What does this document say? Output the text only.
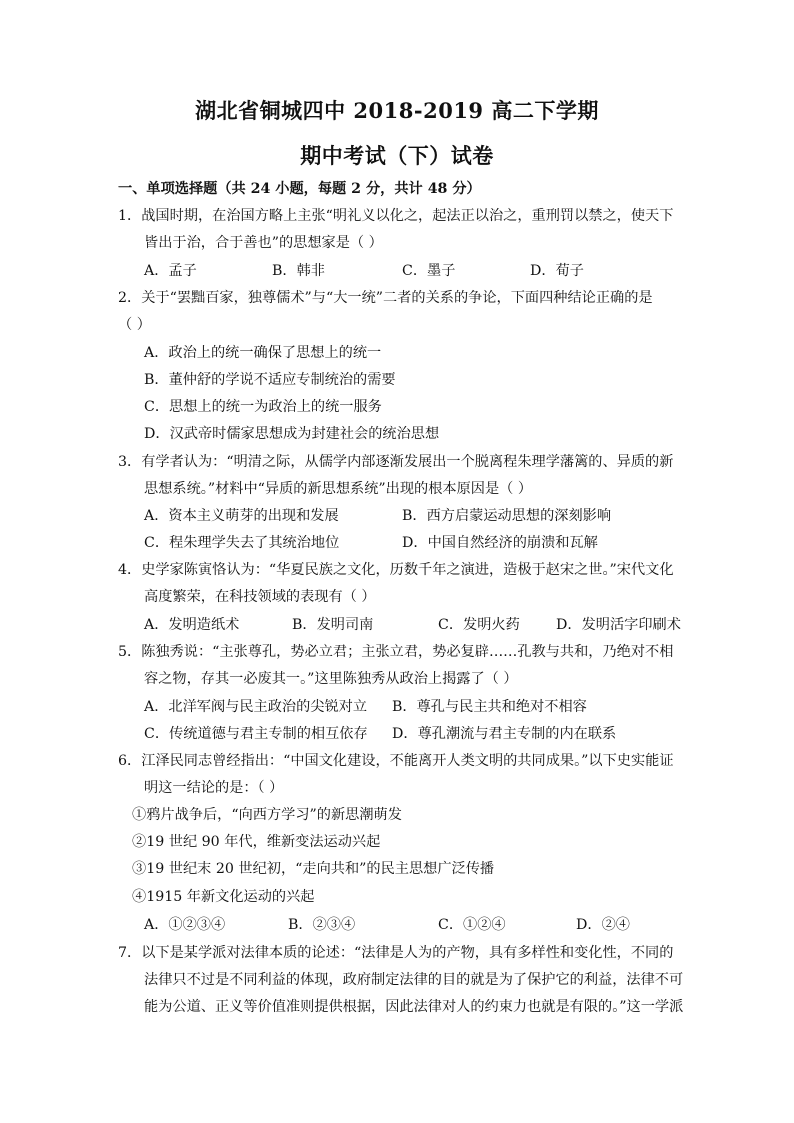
湖北省铜城四中 2018-2019 高二下学期
期中考试（下）试卷
一、单项选择题（共 24 小题，每题 2 分，共计 48 分）
1．战国时期，在治国方略上主张“明礼义以化之，起法正以治之，重刑罚以禁之，使天下
皆出于治，合于善也”的思想家是（ ）
A．孟子	B．韩非	C．墨子	D．荀子
2．关于“罢黜百家，独尊儒术”与“大一统”二者的关系的争论，下面四种结论正确的是
（ ）
A．政治上的统一确保了思想上的统一
B．董仲舒的学说不适应专制统治的需要
C．思想上的统一为政治上的统一服务
D．汉武帝时儒家思想成为封建社会的统治思想
3．有学者认为：“明清之际，从儒学内部逐渐发展出一个脱离程朱理学藩篱的、异质的新
思想系统。”材料中“异质的新思想系统”出现的根本原因是（ ）
A．资本主义萌芽的出现和发展	B．西方启蒙运动思想的深刻影响
C．程朱理学失去了其统治地位	D．中国自然经济的崩溃和瓦解
4．史学家陈寅恪认为：“华夏民族之文化，历数千年之演进，造极于赵宋之世。”宋代文化
高度繁荣，在科技领域的表现有（ ）
A．发明造纸术	B．发明司南	C．发明火药	D．发明活字印刷术
5．陈独秀说：“主张尊孔，势必立君；主张立君，势必复辟……孔教与共和，乃绝对不相
容之物，存其一必废其一。”这里陈独秀从政治上揭露了（ ）
A．北洋军阀与民主政治的尖锐对立 B．尊孔与民主共和绝对不相容
C．传统道德与君主专制的相互依存 D．尊孔潮流与君主专制的内在联系
6．江泽民同志曾经指出：“中国文化建设，不能离开人类文明的共同成果。”以下史实能证
明这一结论的是：（ ）
①鸦片战争后，“向西方学习”的新思潮萌发
②19 世纪 90 年代，维新变法运动兴起
③19 世纪末 20 世纪初，“走向共和”的民主思想广泛传播
④1915 年新文化运动的兴起
A．①②③④	B．②③④	C．①②④	D．②④
7．以下是某学派对法律本质的论述：“法律是人为的产物，具有多样性和变化性，不同的
法律只不过是不同利益的体现，政府制定法律的目的就是为了保护它的利益，法律不可
能为公道、正义等价值准则提供根据，因此法律对人的约束力也就是有限的。”这一学派
